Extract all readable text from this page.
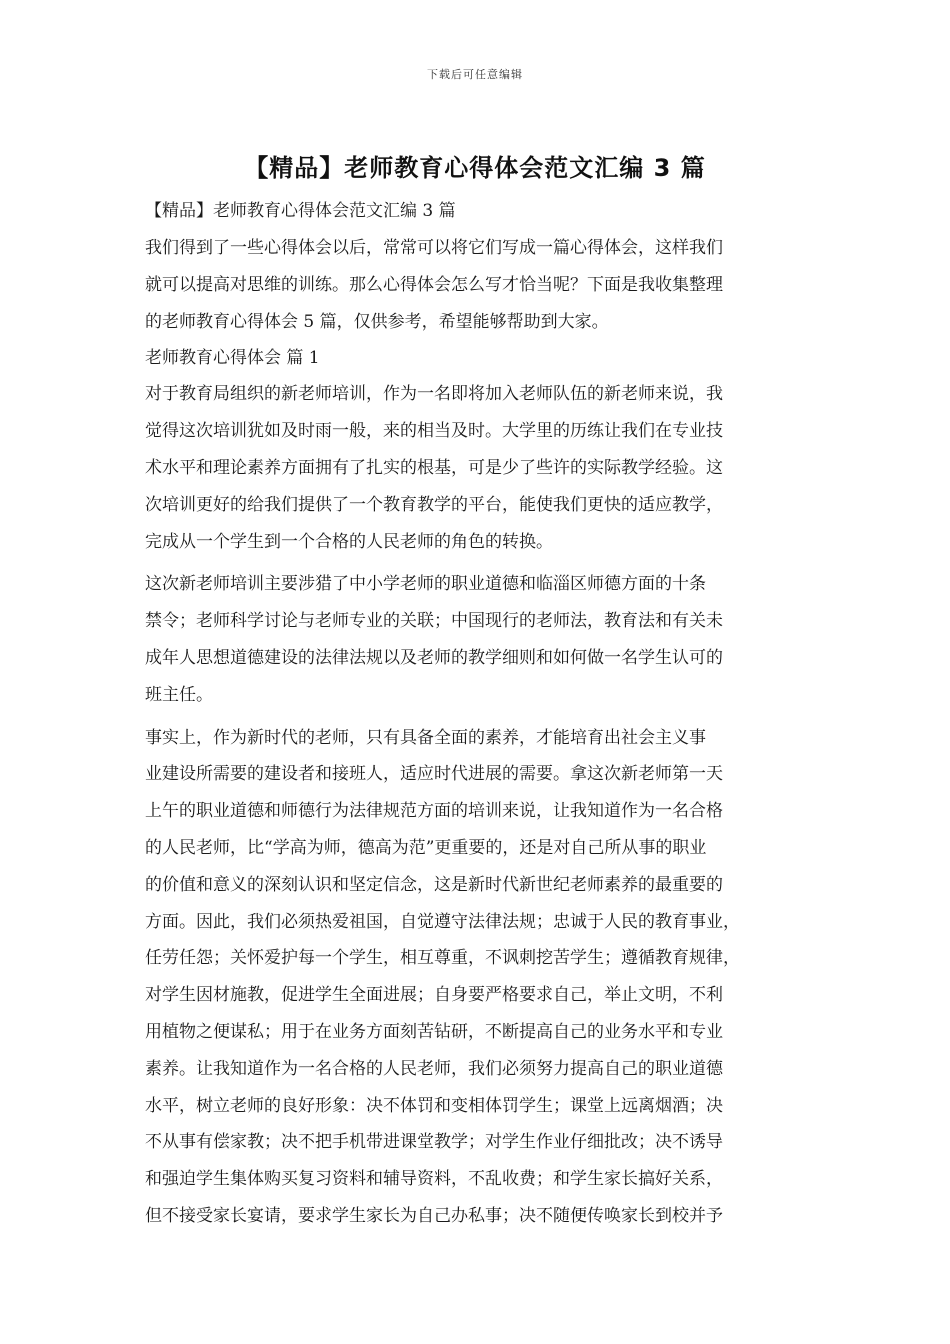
下载后可任意编辑
【精品】老师教育心得体会范文汇编 3 篇
【精品】老师教育心得体会范文汇编 3 篇
我们得到了一些心得体会以后，常常可以将它们写成一篇心得体会，这样我们
就可以提高对思维的训练。那么心得体会怎么写才恰当呢？下面是我收集整理
的老师教育心得体会 5 篇，仅供参考，希望能够帮助到大家。
老师教育心得体会 篇 1
对于教育局组织的新老师培训，作为一名即将加入老师队伍的新老师来说，我
觉得这次培训犹如及时雨一般，来的相当及时。大学里的历练让我们在专业技
术水平和理论素养方面拥有了扎实的根基，可是少了些许的实际教学经验。这
次培训更好的给我们提供了一个教育教学的平台，能使我们更快的适应教学，
完成从一个学生到一个合格的人民老师的角色的转换。
这次新老师培训主要涉猎了中小学老师的职业道德和临淄区师德方面的十条
禁令；老师科学讨论与老师专业的关联；中国现行的老师法，教育法和有关未
成年人思想道德建设的法律法规以及老师的教学细则和如何做一名学生认可的
班主任。
事实上，作为新时代的老师，只有具备全面的素养，才能培育出社会主义事
业建设所需要的建设者和接班人，适应时代进展的需要。拿这次新老师第一天
上午的职业道德和师德行为法律规范方面的培训来说，让我知道作为一名合格
的人民老师，比“学高为师，德高为范”更重要的，还是对自己所从事的职业
的价值和意义的深刻认识和坚定信念，这是新时代新世纪老师素养的最重要的
方面。因此，我们必须热爱祖国，自觉遵守法律法规；忠诚于人民的教育事业，
任劳任怨；关怀爱护每一个学生，相互尊重，不讽刺挖苦学生；遵循教育规律，
对学生因材施教，促进学生全面进展；自身要严格要求自己，举止文明，不利
用植物之便谋私；用于在业务方面刻苦钻研，不断提高自己的业务水平和专业
素养。让我知道作为一名合格的人民老师，我们必须努力提高自己的职业道德
水平，树立老师的良好形象：决不体罚和变相体罚学生；课堂上远离烟酒；决
不从事有偿家教；决不把手机带进课堂教学；对学生作业仔细批改；决不诱导
和强迫学生集体购买复习资料和辅导资料，不乱收费；和学生家长搞好关系，
但不接受家长宴请，要求学生家长为自己办私事；决不随便传唤家长到校并予
